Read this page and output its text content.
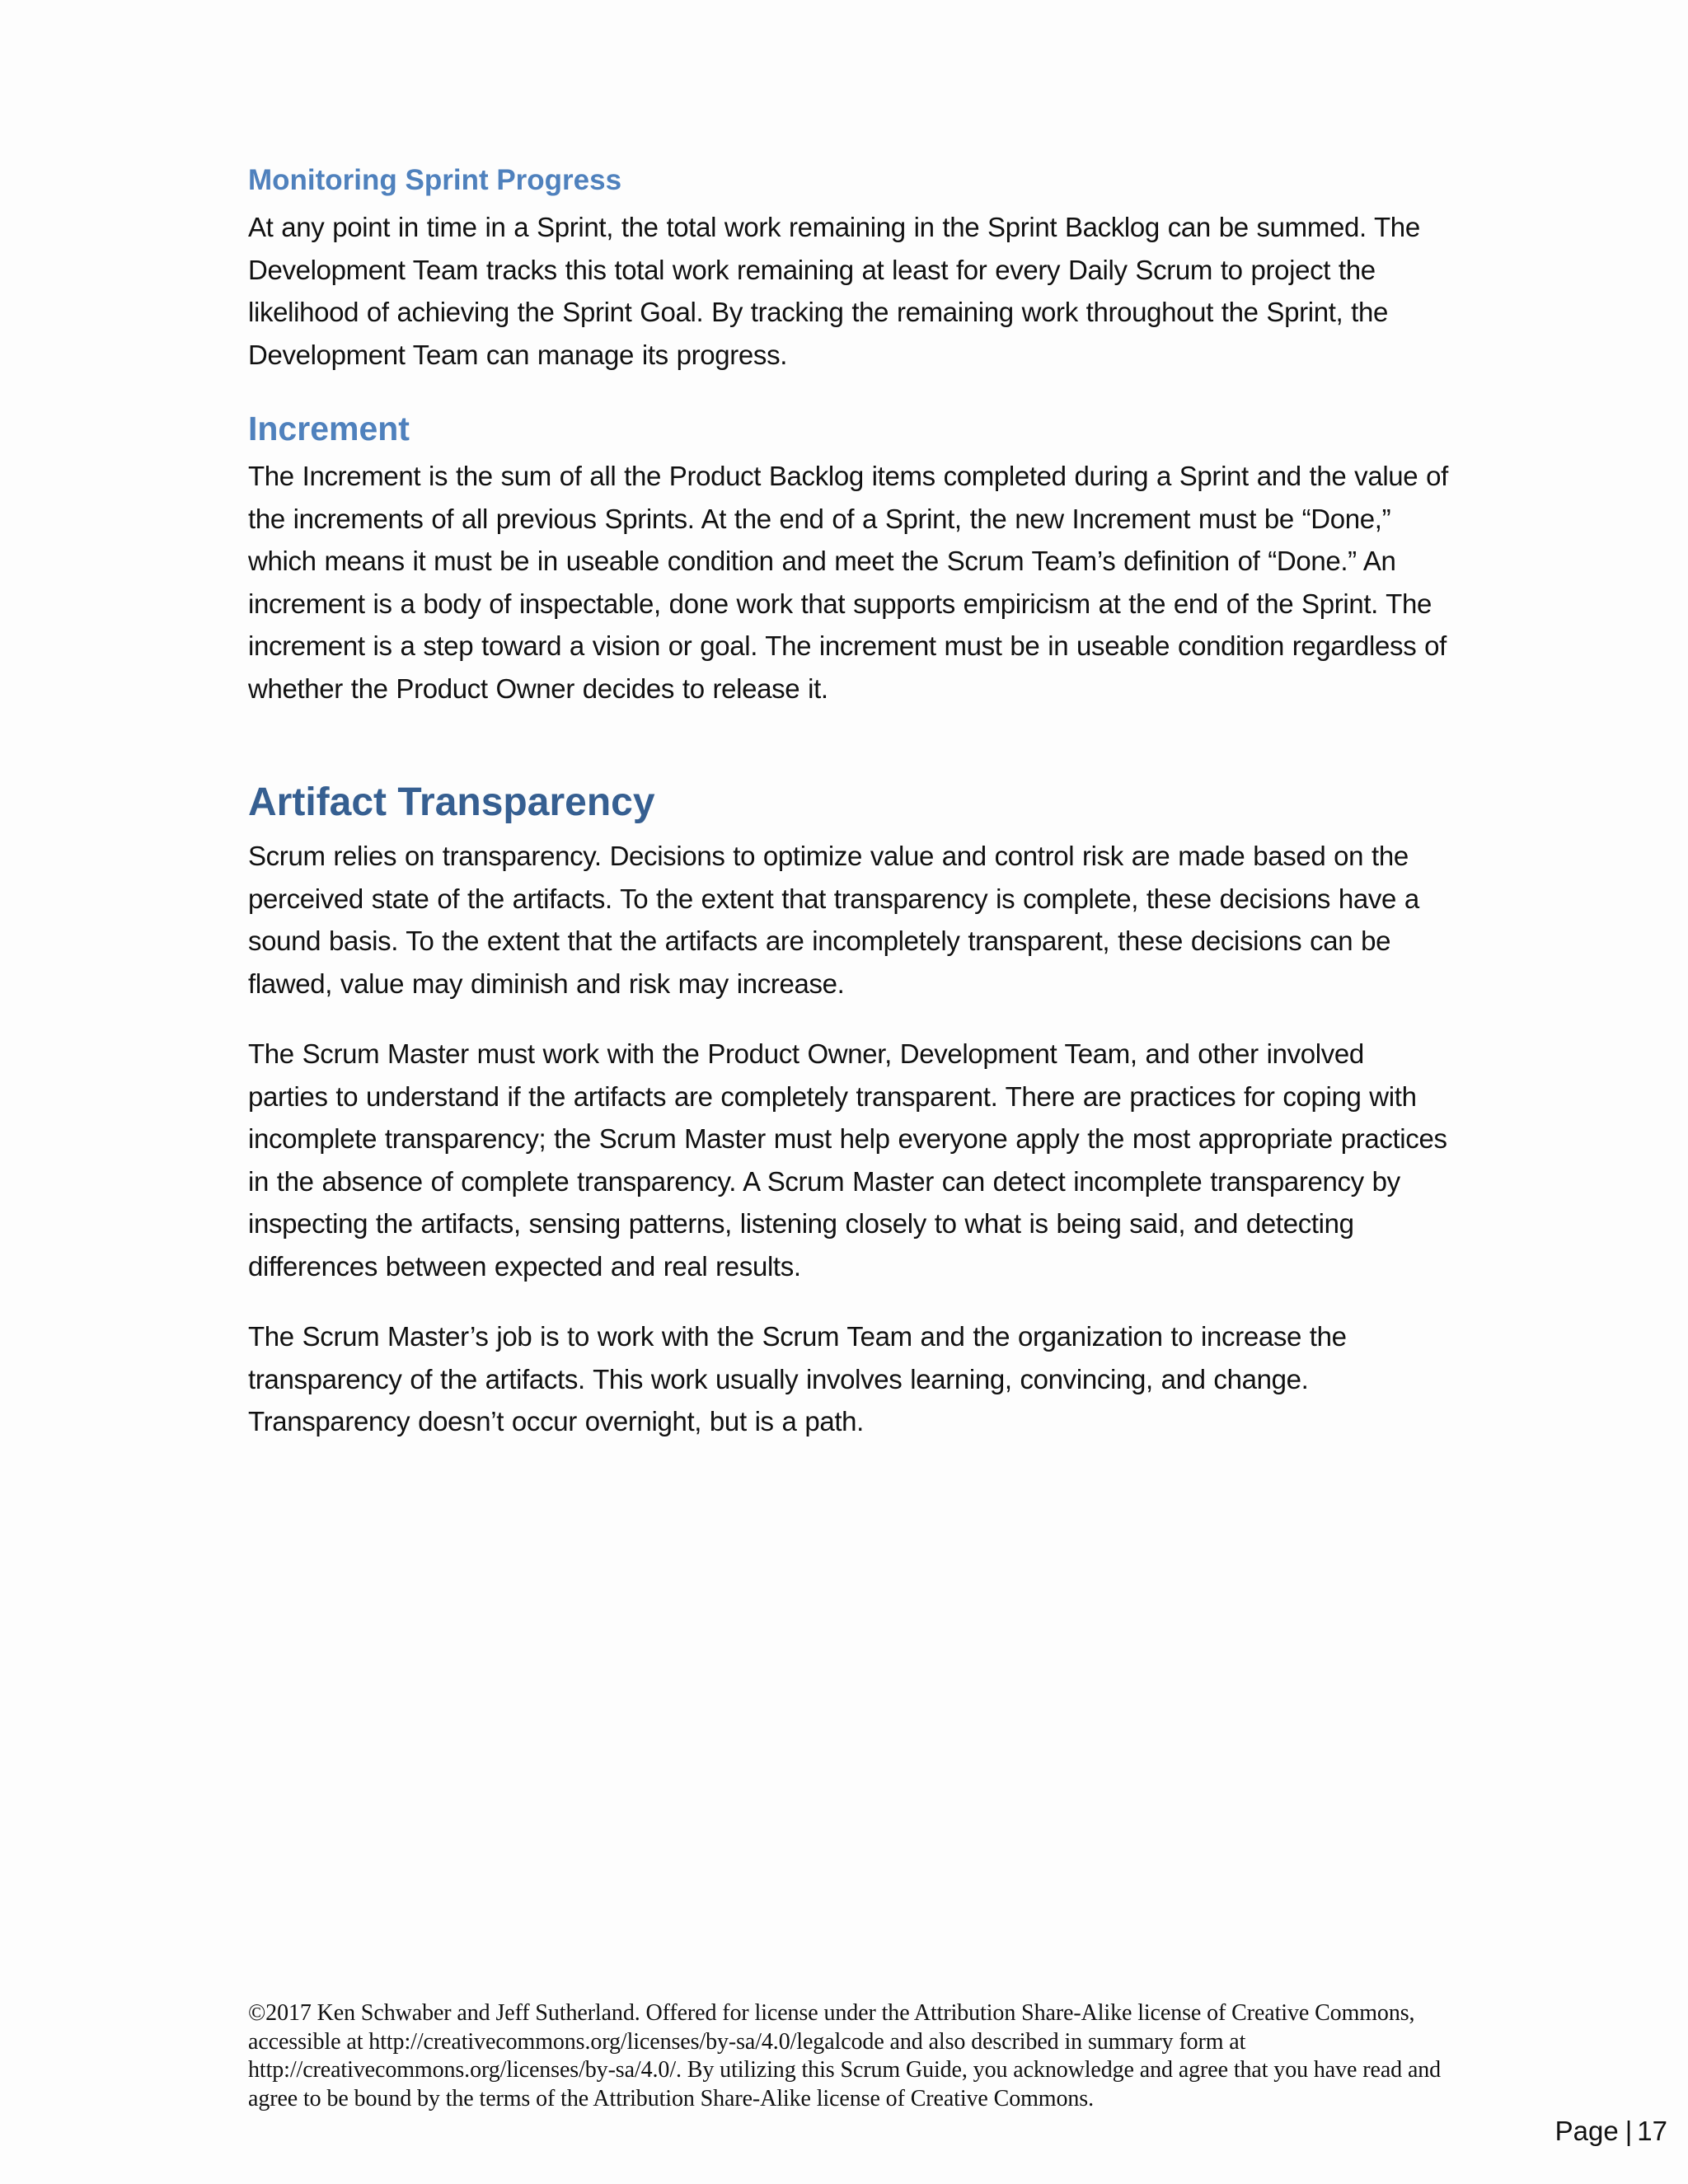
Monitoring Sprint Progress

At any point in time in a Sprint, the total work remaining in the Sprint Backlog can be summed. The Development Team tracks this total work remaining at least for every Daily Scrum to project the likelihood of achieving the Sprint Goal. By tracking the remaining work throughout the Sprint, the Development Team can manage its progress.

Increment

The Increment is the sum of all the Product Backlog items completed during a Sprint and the value of the increments of all previous Sprints. At the end of a Sprint, the new Increment must be “Done,” which means it must be in useable condition and meet the Scrum Team’s definition of “Done.” An increment is a body of inspectable, done work that supports empiricism at the end of the Sprint. The increment is a step toward a vision or goal. The increment must be in useable condition regardless of whether the Product Owner decides to release it.

Artifact Transparency

Scrum relies on transparency. Decisions to optimize value and control risk are made based on the perceived state of the artifacts. To the extent that transparency is complete, these decisions have a sound basis. To the extent that the artifacts are incompletely transparent, these decisions can be flawed, value may diminish and risk may increase.

The Scrum Master must work with the Product Owner, Development Team, and other involved parties to understand if the artifacts are completely transparent. There are practices for coping with incomplete transparency; the Scrum Master must help everyone apply the most appropriate practices in the absence of complete transparency. A Scrum Master can detect incomplete transparency by inspecting the artifacts, sensing patterns, listening closely to what is being said, and detecting differences between expected and real results.

The Scrum Master’s job is to work with the Scrum Team and the organization to increase the transparency of the artifacts. This work usually involves learning, convincing, and change. Transparency doesn’t occur overnight, but is a path.

©2017 Ken Schwaber and Jeff Sutherland. Offered for license under the Attribution Share-Alike license of Creative Commons, accessible at http://creativecommons.org/licenses/by-sa/4.0/legalcode and also described in summary form at http://creativecommons.org/licenses/by-sa/4.0/. By utilizing this Scrum Guide, you acknowledge and agree that you have read and agree to be bound by the terms of the Attribution Share-Alike license of Creative Commons.
Page | 17
